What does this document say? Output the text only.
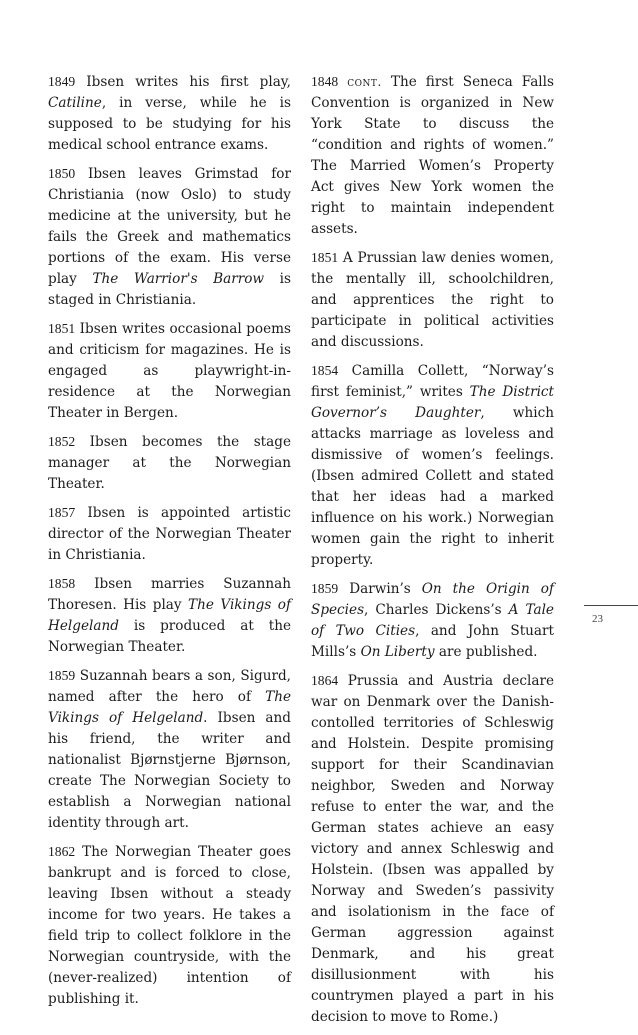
1849 Ibsen writes his first play, Catiline, in verse, while he is supposed to be studying for his medical school entrance exams.

1850 Ibsen leaves Grimstad for Christiania (now Oslo) to study medicine at the university, but he fails the Greek and mathematics portions of the exam. His verse play The Warrior's Barrow is staged in Christiania.

1851 Ibsen writes occasional poems and criticism for magazines. He is engaged as playwright-in-residence at the Norwegian Theater in Bergen.

1852 Ibsen becomes the stage manager at the Norwegian Theater.

1857 Ibsen is appointed artistic director of the Norwegian Theater in Christiania.

1858 Ibsen marries Suzannah Thoresen. His play The Vikings of Helgeland is produced at the Norwegian Theater.

1859 Suzannah bears a son, Sigurd, named after the hero of The Vikings of Helgeland. Ibsen and his friend, the writer and nationalist Bjørnstjerne Bjørnson, create The Norwegian Society to establish a Norwegian national identity through art.

1862 The Norwegian Theater goes bankrupt and is forced to close, leaving Ibsen without a steady income for two years. He takes a field trip to collect folklore in the Norwegian countryside, with the (never-realized) intention of publishing it.

1848 cont. The first Seneca Falls Convention is organized in New York State to discuss the “condition and rights of women.” The Married Women’s Property Act gives New York women the right to maintain independent assets.

1851 A Prussian law denies women, the mentally ill, schoolchildren, and apprentices the right to participate in political activities and discussions.

1854 Camilla Collett, “Norway’s first feminist,” writes The District Governor’s Daughter, which attacks marriage as loveless and dismissive of women’s feelings. (Ibsen admired Collett and stated that her ideas had a marked influence on his work.) Norwegian women gain the right to inherit property.

1859 Darwin’s On the Origin of Species, Charles Dickens’s A Tale of Two Cities, and John Stuart Mills’s On Liberty are published.

1864 Prussia and Austria declare war on Denmark over the Danish-contolled territories of Schleswig and Holstein. Despite promising support for their Scandinavian neighbor, Sweden and Norway refuse to enter the war, and the German states achieve an easy victory and annex Schleswig and Holstein. (Ibsen was appalled by Norway and Sweden’s passivity and isolationism in the face of German aggression against Denmark, and his great disillusionment with his countrymen played a part in his decision to move to Rome.)

23
